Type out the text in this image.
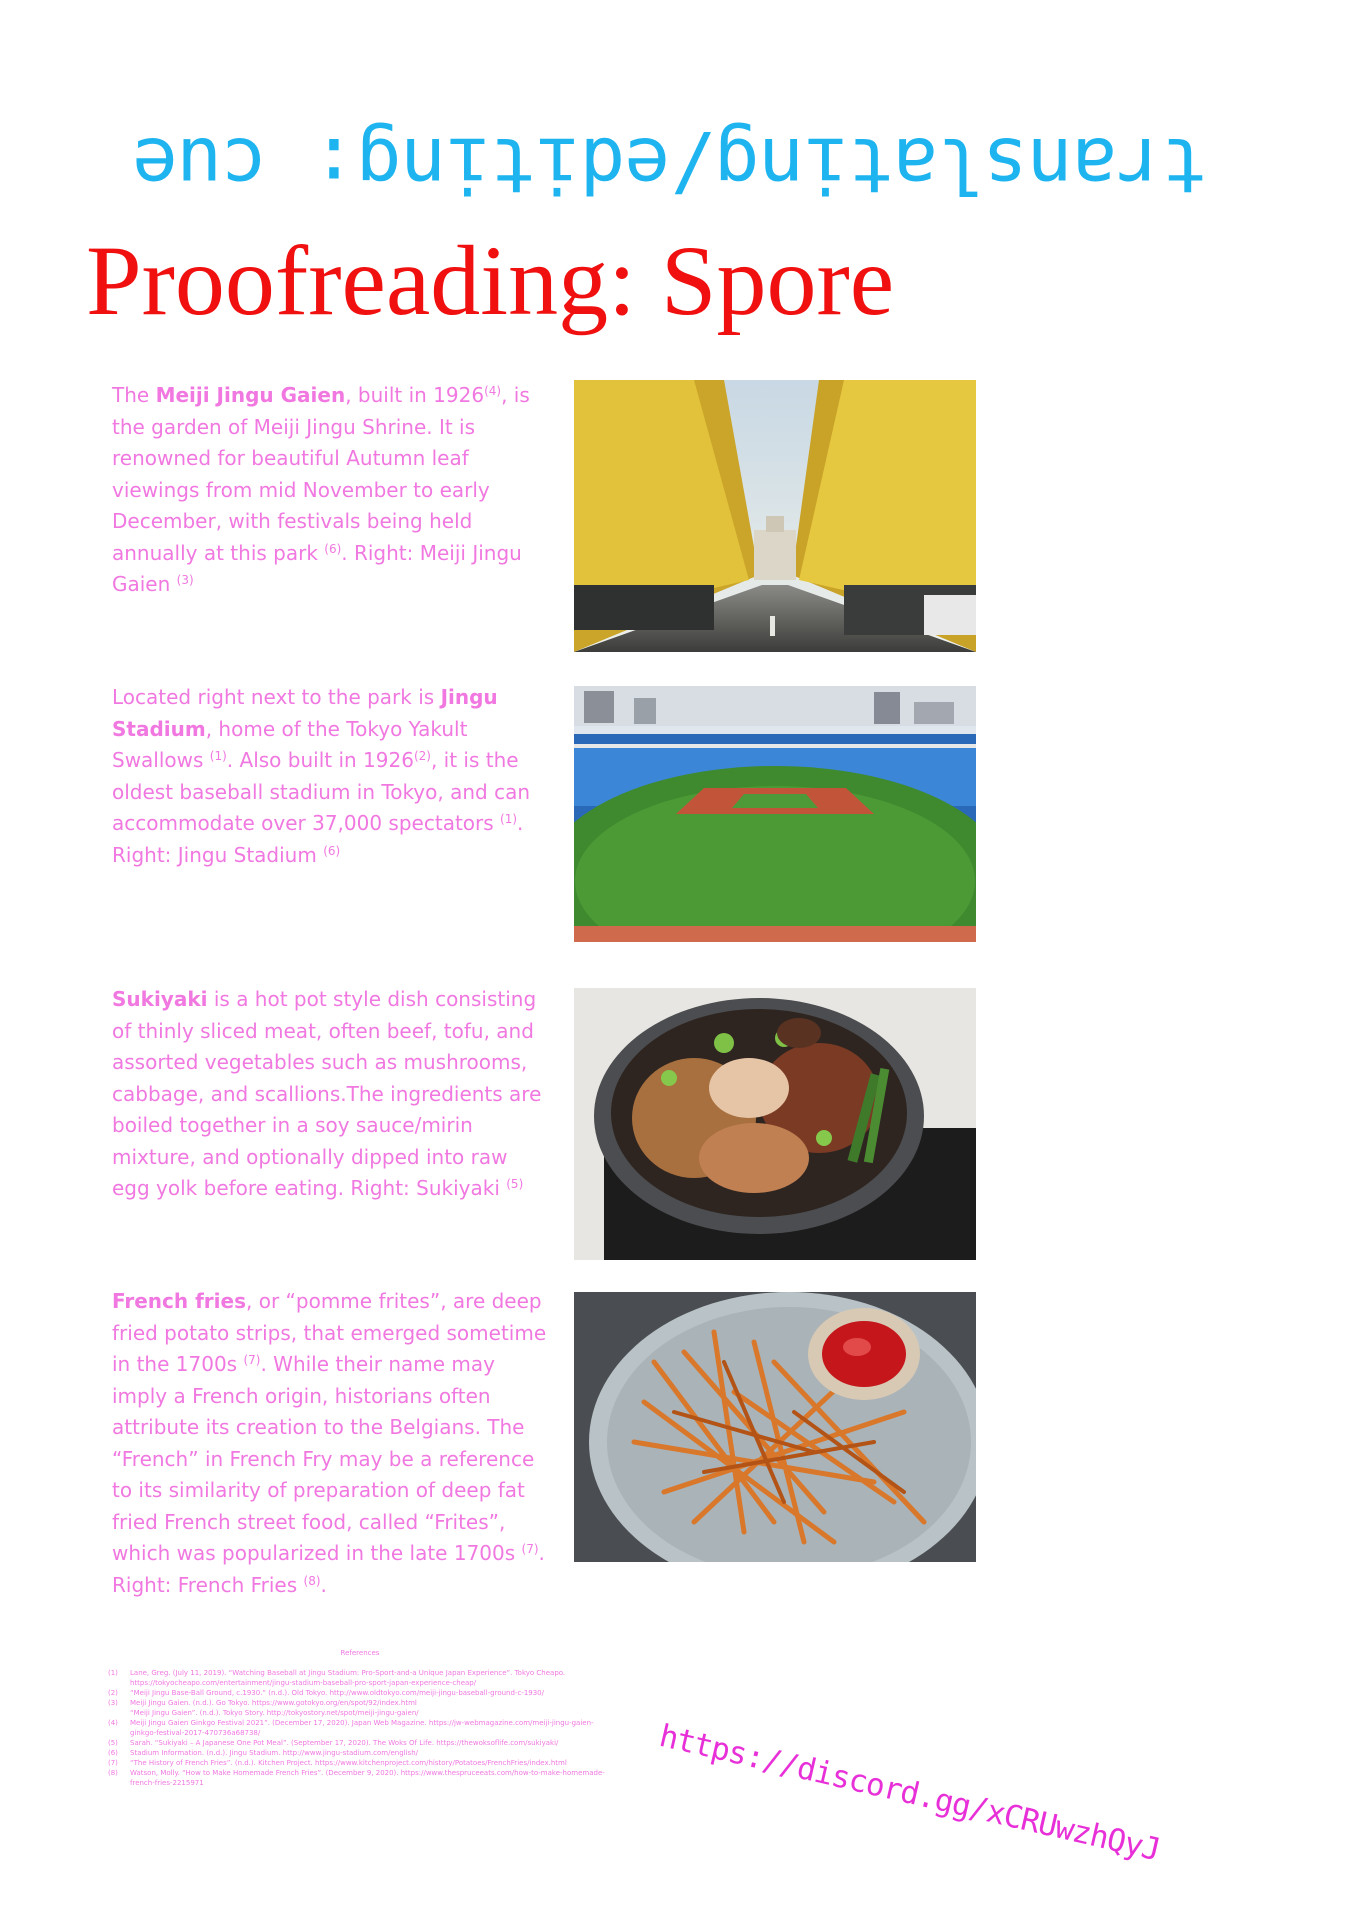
translating/editing: cue
Proofreading: Spore
The Meiji Jingu Gaien, built in 1926$^{(4)}$, is the garden of Meiji Jingu Shrine. It is renowned for beautiful Autumn leaf viewings from mid November to early December, with festivals being held annually at this park $^{(6)}$. Right: Meiji Jingu Gaien $^{(3)}$
Located right next to the park is Jingu Stadium, home of the Tokyo Yakult Swallows $^{(1)}$. Also built in 1926$^{(2)}$, it is the oldest baseball stadium in Tokyo, and can accommodate over 37,000 spectators $^{(1)}$. Right: Jingu Stadium $^{(6)}$
Sukiyaki is a hot pot style dish consisting of thinly sliced meat, often beef, tofu, and assorted vegetables such as mushrooms, cabbage, and scallions.The ingredients are boiled together in a soy sauce/mirin mixture, and optionally dipped into raw egg yolk before eating. Right: Sukiyaki $^{(5)}$
French fries, or “pomme frites”, are deep fried potato strips, that emerged sometime in the 1700s $^{(7)}$. While their name may imply a French origin, historians often attribute its creation to the Belgians. The “French” in French Fry may be a reference to its similarity of preparation of deep fat fried French street food, called “Frites”, which was popularized in the late 1700s $^{(7)}$. Right: French Fries $^{(8)}$.
References
(1)	Lane, Greg. (July 11, 2019). “Watching Baseball at Jingu Stadium: Pro-Sport-and-a Unique Japan Experience”. Tokyo Cheapo. https://tokyocheapo.com/entertainment/jingu-stadium-baseball-pro-sport-japan-experience-cheap/
(2)	“Meiji Jingu Base-Ball Ground, c.1930.” (n.d.). Old Tokyo. http://www.oldtokyo.com/meiji-jingu-baseball-ground-c-1930/
(3)	Meiji Jingu Gaien. (n.d.). Go Tokyo. https://www.gotokyo.org/en/spot/92/index.html
“Meiji Jingu Gaien”. (n.d.). Tokyo Story. http://tokyostory.net/spot/meiji-jingu-gaien/
(4)	Meiji Jingu Gaien Ginkgo Festival 2021”. (December 17, 2020). Japan Web Magazine. https://jw-webmagazine.com/meiji-jingu-gaien-ginkgo-festival-2017-470736a68738/
(5)	Sarah. “Sukiyaki – A Japanese One Pot Meal”. (September 17, 2020). The Woks Of Life. https://thewoksoflife.com/sukiyaki/
(6)	Stadium Information. (n.d.). Jingu Stadium. http://www.jingu-stadium.com/english/
(7)	“The History of French Fries”. (n.d.). Kitchen Project. https://www.kitchenproject.com/history/Potatoes/FrenchFries/index.html
(8)	Watson, Molly. “How to Make Homemade French Fries”. (December 9, 2020). https://www.thespruceeats.com/how-to-make-homemade-french-fries-2215971	https://discord.gg/xCRUwzhQyJ
